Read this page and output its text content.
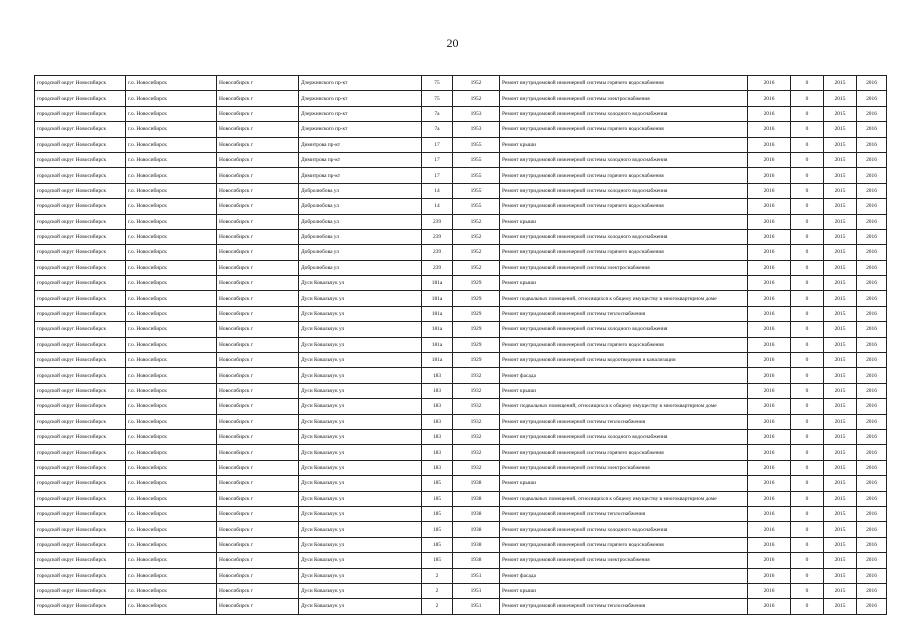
20
городской округ Новосибирск	г.о. Новосибирск	Новосибирск г	Дзержинского пр-кт	75	1952	Ремонт внутридомовой инженерной системы горячего водоснабжения	2016	0	2015	2016
городской округ Новосибирск	г.о. Новосибирск	Новосибирск г	Дзержинского пр-кт	75	1952	Ремонт внутридомовой инженерной системы электроснабжения	2016	0	2015	2016
городской округ Новосибирск	г.о. Новосибирск	Новосибирск г	Дзержинского пр-кт	7а	1953	Ремонт внутридомовой инженерной системы холодного водоснабжения	2016	0	2015	2016
городской округ Новосибирск	г.о. Новосибирск	Новосибирск г	Дзержинского пр-кт	7а	1953	Ремонт внутридомовой инженерной системы горячего водоснабжения	2016	0	2015	2016
городской округ Новосибирск	г.о. Новосибирск	Новосибирск г	Димитрова пр-кт	17	1955	Ремонт крыши	2016	0	2015	2016
городской округ Новосибирск	г.о. Новосибирск	Новосибирск г	Димитрова пр-кт	17	1955	Ремонт внутридомовой инженерной системы холодного водоснабжения	2016	0	2015	2016
городской округ Новосибирск	г.о. Новосибирск	Новосибирск г	Димитрова пр-кт	17	1955	Ремонт внутридомовой инженерной системы горячего водоснабжения	2016	0	2015	2016
городской округ Новосибирск	г.о. Новосибирск	Новосибирск г	Добролюбова ул	14	1955	Ремонт внутридомовой инженерной системы холодного водоснабжения	2016	0	2015	2016
городской округ Новосибирск	г.о. Новосибирск	Новосибирск г	Добролюбова ул	14	1955	Ремонт внутридомовой инженерной системы горячего водоснабжения	2016	0	2015	2016
городской округ Новосибирск	г.о. Новосибирск	Новосибирск г	Добролюбова ул	239	1952	Ремонт крыши	2016	0	2015	2016
городской округ Новосибирск	г.о. Новосибирск	Новосибирск г	Добролюбова ул	239	1952	Ремонт внутридомовой инженерной системы холодного водоснабжения	2016	0	2015	2016
городской округ Новосибирск	г.о. Новосибирск	Новосибирск г	Добролюбова ул	239	1952	Ремонт внутридомовой инженерной системы горячего водоснабжения	2016	0	2015	2016
городской округ Новосибирск	г.о. Новосибирск	Новосибирск г	Добролюбова ул	239	1952	Ремонт внутридомовой инженерной системы электроснабжения	2016	0	2015	2016
городской округ Новосибирск	г.о. Новосибирск	Новосибирск г	Дуси Ковальчук ул	181а	1929	Ремонт крыши	2016	0	2015	2016
городской округ Новосибирск	г.о. Новосибирск	Новосибирск г	Дуси Ковальчук ул	181а	1929	Ремонт подвальных помещений, относящихся к общему имуществу в многоквартирном доме	2016	0	2015	2016
городской округ Новосибирск	г.о. Новосибирск	Новосибирск г	Дуси Ковальчук ул	181а	1929	Ремонт внутридомовой инженерной системы теплоснабжения	2016	0	2015	2016
городской округ Новосибирск	г.о. Новосибирск	Новосибирск г	Дуси Ковальчук ул	181а	1929	Ремонт внутридомовой инженерной системы холодного водоснабжения	2016	0	2015	2016
городской округ Новосибирск	г.о. Новосибирск	Новосибирск г	Дуси Ковальчук ул	181а	1929	Ремонт внутридомовой инженерной системы горячего водоснабжения	2016	0	2015	2016
городской округ Новосибирск	г.о. Новосибирск	Новосибирск г	Дуси Ковальчук ул	181а	1929	Ремонт внутридомовой инженерной системы водоотведения и канализации	2016	0	2015	2016
городской округ Новосибирск	г.о. Новосибирск	Новосибирск г	Дуси Ковальчук ул	183	1932	Ремонт фасада	2016	0	2015	2016
городской округ Новосибирск	г.о. Новосибирск	Новосибирск г	Дуси Ковальчук ул	183	1932	Ремонт крыши	2016	0	2015	2016
городской округ Новосибирск	г.о. Новосибирск	Новосибирск г	Дуси Ковальчук ул	183	1932	Ремонт подвальных помещений, относящихся к общему имуществу в многоквартирном доме	2016	0	2015	2016
городской округ Новосибирск	г.о. Новосибирск	Новосибирск г	Дуси Ковальчук ул	183	1932	Ремонт внутридомовой инженерной системы теплоснабжения	2016	0	2015	2016
городской округ Новосибирск	г.о. Новосибирск	Новосибирск г	Дуси Ковальчук ул	183	1932	Ремонт внутридомовой инженерной системы холодного водоснабжения	2016	0	2015	2016
городской округ Новосибирск	г.о. Новосибирск	Новосибирск г	Дуси Ковальчук ул	183	1932	Ремонт внутридомовой инженерной системы горячего водоснабжения	2016	0	2015	2016
городской округ Новосибирск	г.о. Новосибирск	Новосибирск г	Дуси Ковальчук ул	183	1932	Ремонт внутридомовой инженерной системы электроснабжения	2016	0	2015	2016
городской округ Новосибирск	г.о. Новосибирск	Новосибирск г	Дуси Ковальчук ул	185	1938	Ремонт крыши	2016	0	2015	2016
городской округ Новосибирск	г.о. Новосибирск	Новосибирск г	Дуси Ковальчук ул	185	1938	Ремонт подвальных помещений, относящихся к общему имуществу в многоквартирном доме	2016	0	2015	2016
городской округ Новосибирск	г.о. Новосибирск	Новосибирск г	Дуси Ковальчук ул	185	1938	Ремонт внутридомовой инженерной системы теплоснабжения	2016	0	2015	2016
городской округ Новосибирск	г.о. Новосибирск	Новосибирск г	Дуси Ковальчук ул	185	1938	Ремонт внутридомовой инженерной системы холодного водоснабжения	2016	0	2015	2016
городской округ Новосибирск	г.о. Новосибирск	Новосибирск г	Дуси Ковальчук ул	185	1938	Ремонт внутридомовой инженерной системы горячего водоснабжения	2016	0	2015	2016
городской округ Новосибирск	г.о. Новосибирск	Новосибирск г	Дуси Ковальчук ул	185	1938	Ремонт внутридомовой инженерной системы электроснабжения	2016	0	2015	2016
городской округ Новосибирск	г.о. Новосибирск	Новосибирск г	Дуси Ковальчук ул	2	1951	Ремонт фасада	2016	0	2015	2016
городской округ Новосибирск	г.о. Новосибирск	Новосибирск г	Дуси Ковальчук ул	2	1951	Ремонт крыши	2016	0	2015	2016
городской округ Новосибирск	г.о. Новосибирск	Новосибирск г	Дуси Ковальчук ул	2	1951	Ремонт внутридомовой инженерной системы теплоснабжения	2016	0	2015	2016
